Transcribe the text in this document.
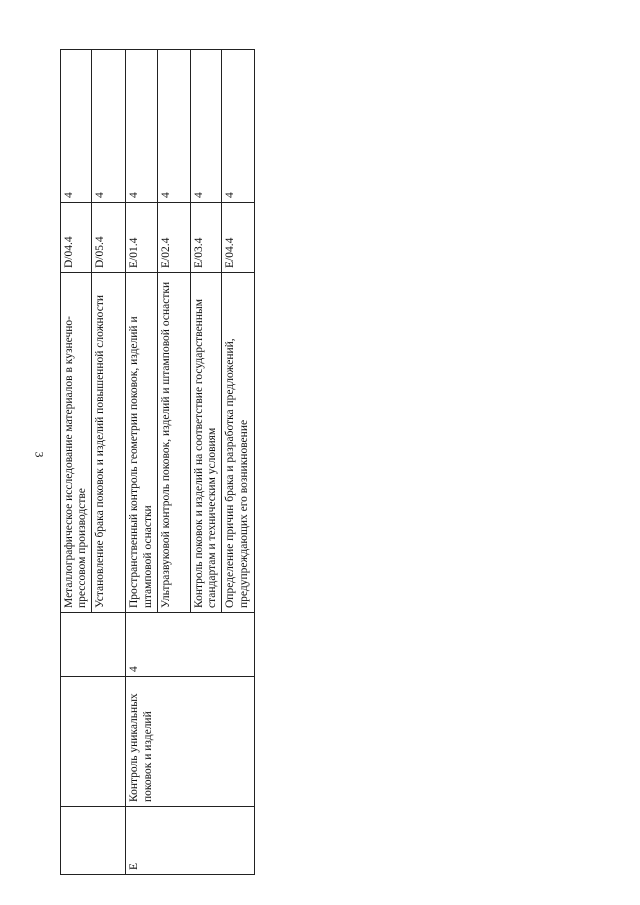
3
			Металлографическое исследование материалов в кузнечно-прессовом производстве	D/04.4	4
			Установление брака поковок и изделий повышенной сложности	D/05.4	4
E	Контроль уникальных поковок и изделий	4	Пространственный контроль геометрии поковок, изделий и штамповой оснастки	E/01.4	4
			Ультразвуковой контроль поковок, изделий и штамповой оснастки	E/02.4	4
			Контроль поковок и изделий на соответствие государственным стандартам и техническим условиям	E/03.4	4
			Определение причин брака и разработка предложений, предупреждающих его возникновение	E/04.4	4
